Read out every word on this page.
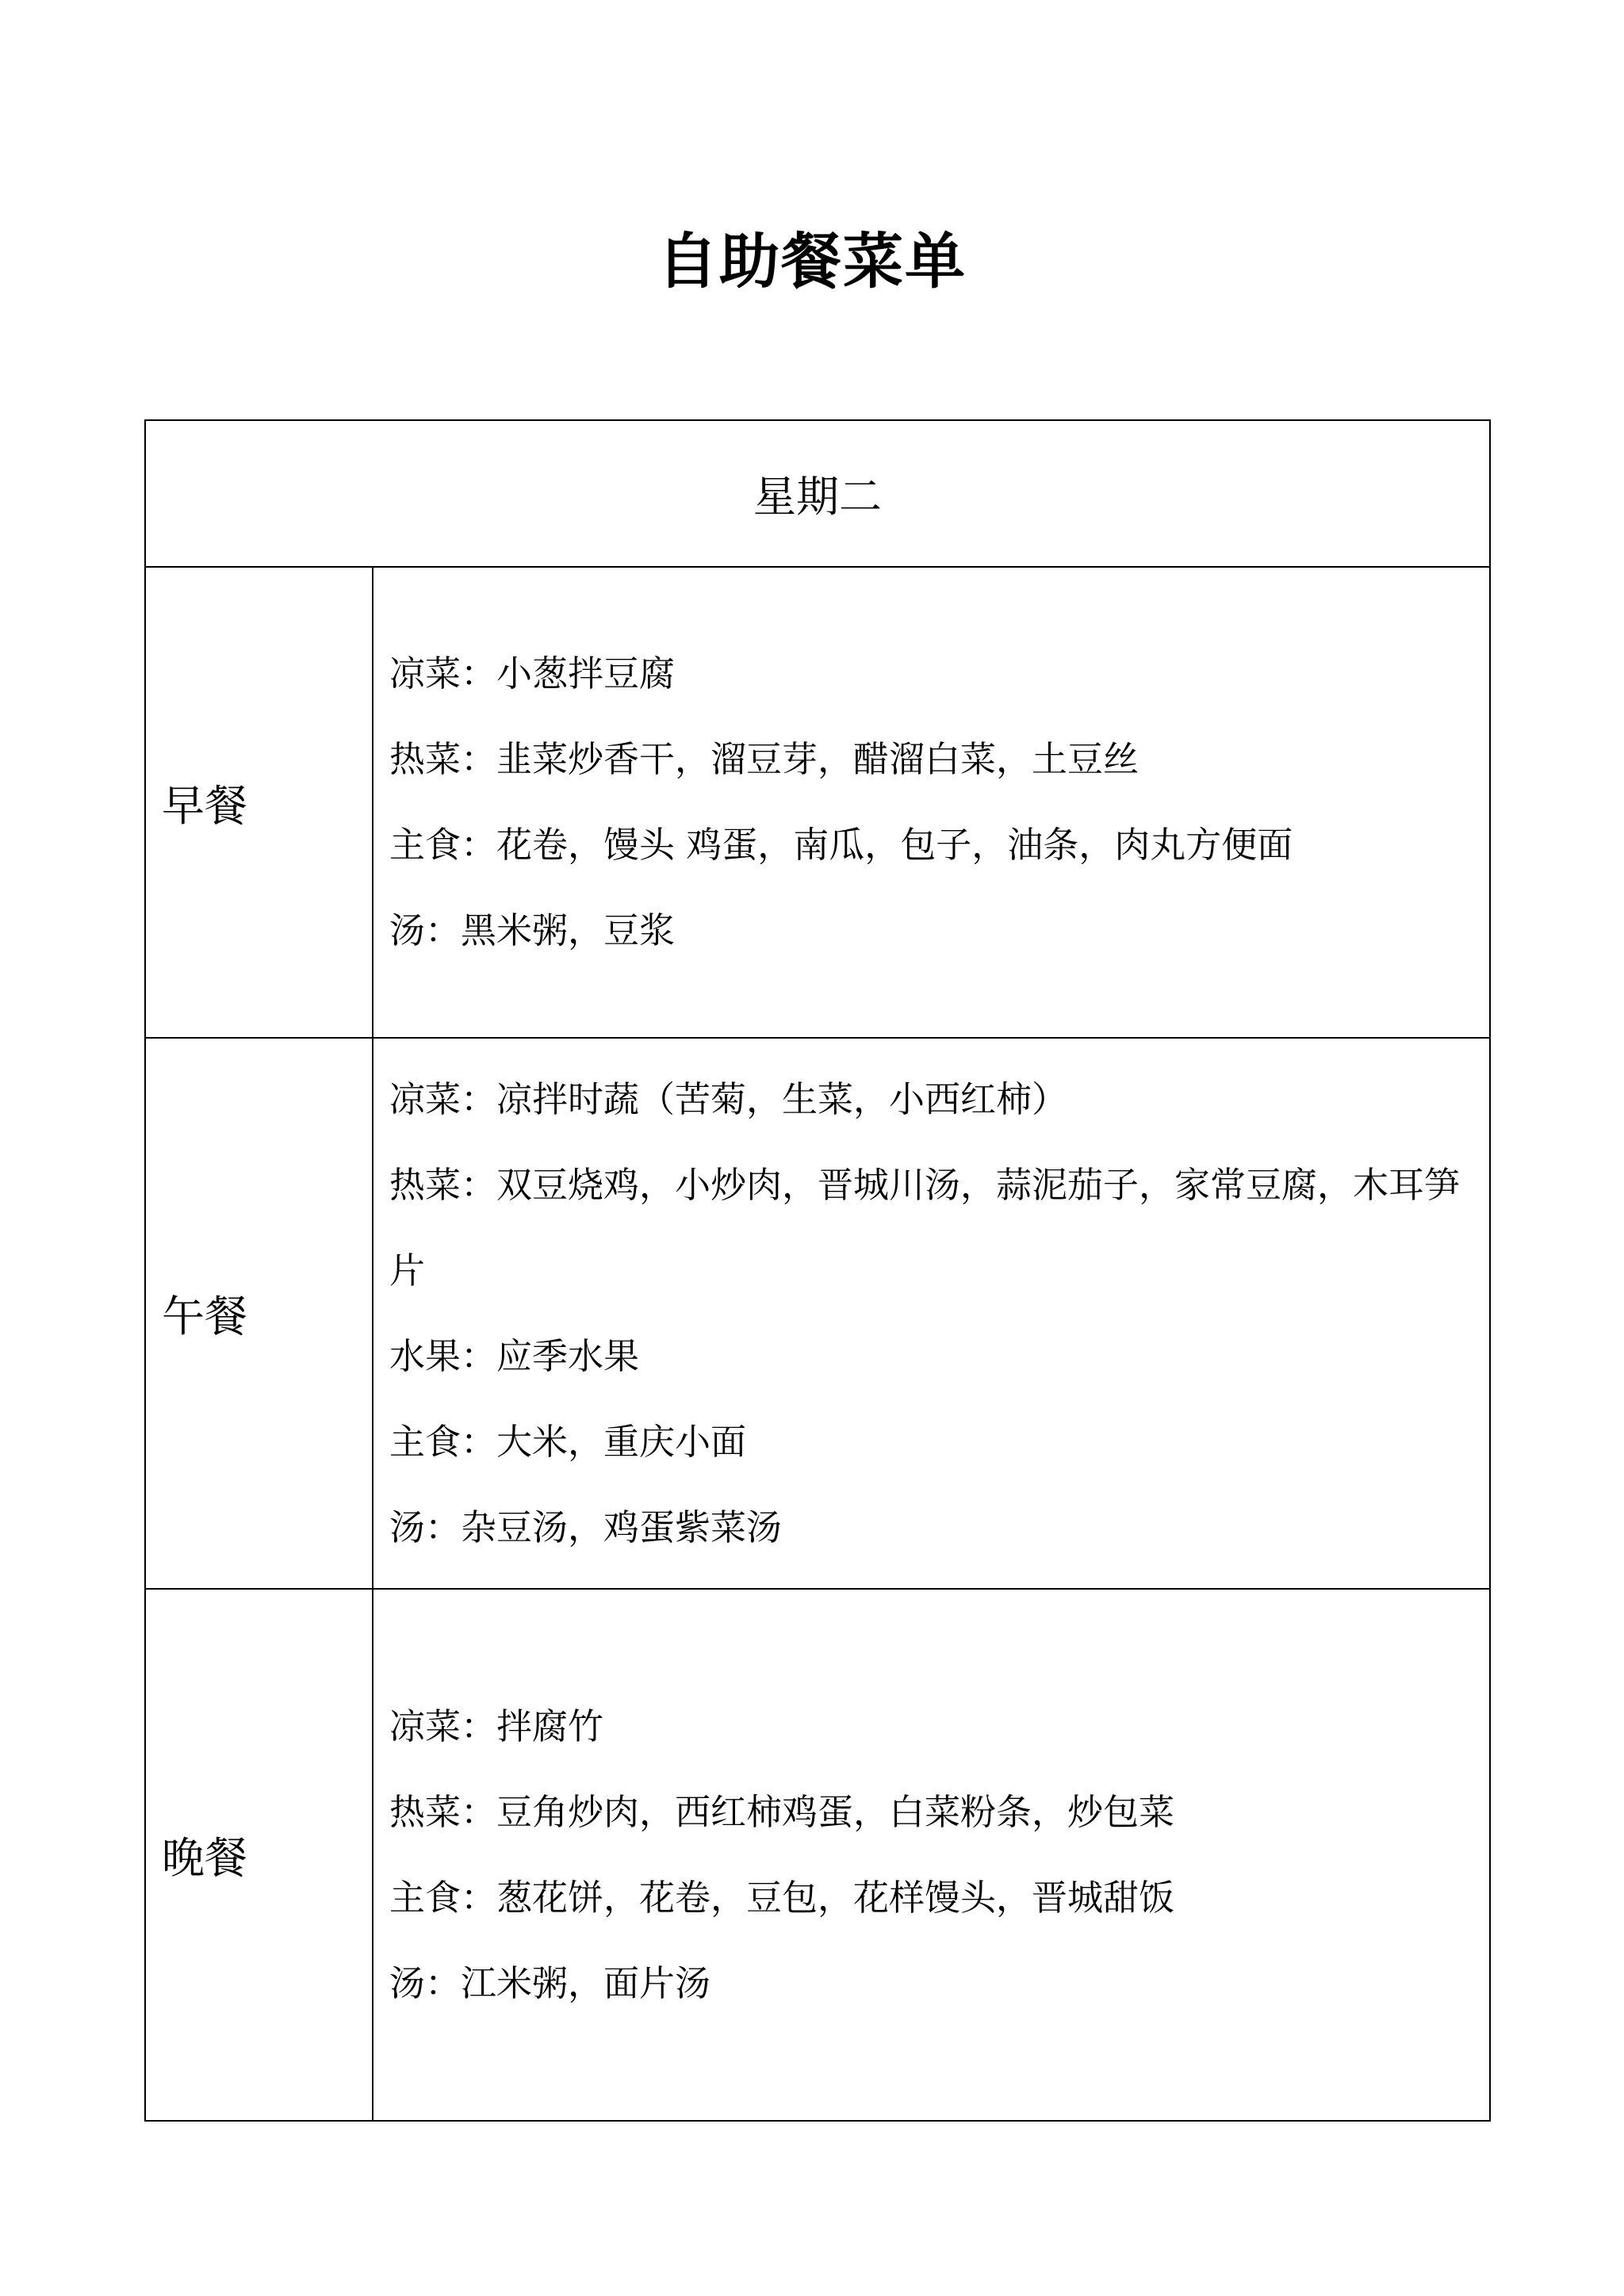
自助餐菜单
星期二	
早餐	凉菜：小葱拌豆腐
热菜：韭菜炒香干，溜豆芽，醋溜白菜，土豆丝
主食：花卷，馒头 鸡蛋，南瓜，包子，油条，肉丸方便面
汤：黑米粥，豆浆

午餐	凉菜：凉拌时蔬（苦菊，生菜，小西红柿）
热菜：双豆烧鸡，小炒肉，晋城川汤，蒜泥茄子，家常豆腐，木耳笋片
水果：应季水果
主食：大米，重庆小面
汤：杂豆汤，鸡蛋紫菜汤

晚餐	凉菜：拌腐竹
热菜：豆角炒肉，西红柿鸡蛋，白菜粉条，炒包菜
主食：葱花饼，花卷，豆包，花样馒头，晋城甜饭
汤：江米粥，面片汤
